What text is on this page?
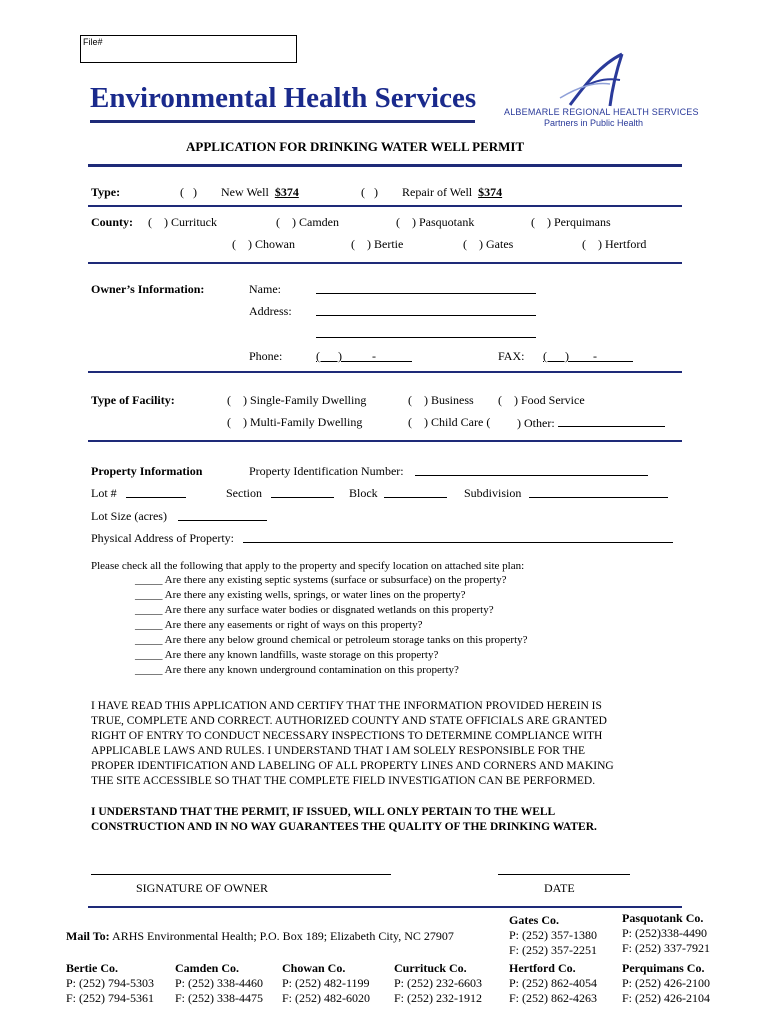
File#
Environmental Health Services	ALBEMARLE REGIONAL HEALTH SERVICES
Partners in Public Health
APPLICATION FOR DRINKING WATER WELL PERMIT
Type:	(   ) New Well $374	(   ) Repair of Well $374
County: (    ) Currituck	(    ) Camden	(    ) Pasquotank	(    ) Perquimans
(    ) Chowan	(    ) Bertie	(    ) Gates	(    ) Hertford
Owner’s Information:	Name:
Address:
Phone:	(      )          -	FAX: (      )        -
Type of Facility:	(    ) Single-Family Dwelling	(    ) Business (    ) Food Service
(    ) Multi-Family Dwelling	(    ) Child Care ( ) Other:
Property Information	Property Identification Number:
Lot #	Section	Block	Subdivision
Lot Size (acres)
Physical Address of Property:
Please check all the following that apply to the property and specify location on attached site plan:
_____ Are there any existing septic systems (surface or subsurface) on the property?
_____ Are there any existing wells, springs, or water lines on the property?
_____ Are there any surface water bodies or disgnated wetlands on this property?
_____ Are there any easements or right of ways on this property?
_____ Are there any below ground chemical or petroleum storage tanks on this property?
_____ Are there any known landfills, waste storage on this property?
_____ Are there any known underground contamination on this property?
I HAVE READ THIS APPLICATION AND CERTIFY THAT THE INFORMATION PROVIDED HEREIN IS
TRUE, COMPLETE AND CORRECT. AUTHORIZED COUNTY AND STATE OFFICIALS ARE GRANTED
RIGHT OF ENTRY TO CONDUCT NECESSARY INSPECTIONS TO DETERMINE COMPLIANCE WITH
APPLICABLE LAWS AND RULES. I UNDERSTAND THAT I AM SOLELY RESPONSIBLE FOR THE
PROPER IDENTIFICATION AND LABELING OF ALL PROPERTY LINES AND CORNERS AND MAKING
THE SITE ACCESSIBLE SO THAT THE COMPLETE FIELD INVESTIGATION CAN BE PERFORMED.
I UNDERSTAND THAT THE PERMIT, IF ISSUED, WILL ONLY PERTAIN TO THE WELL
CONSTRUCTION AND IN NO WAY GUARANTEES THE QUALITY OF THE DRINKING WATER.
SIGNATURE OF OWNER	DATE
Mail To: ARHS Environmental Health; P.O. Box 189; Elizabeth City, NC 27907
Gates Co.
P: (252) 357-1380
F: (252) 357-2251
Pasquotank Co.
P: (252)338-4490
F: (252) 337-7921
Bertie Co.
P: (252) 794-5303
F: (252) 794-5361
Camden Co.
P: (252) 338-4460
F: (252) 338-4475
Chowan Co.
P: (252) 482-1199
F: (252) 482-6020
Currituck Co.
P: (252) 232-6603
F: (252) 232-1912
Hertford Co.
P: (252) 862-4054
F: (252) 862-4263
Perquimans Co.
P: (252) 426-2100
F: (252) 426-2104
